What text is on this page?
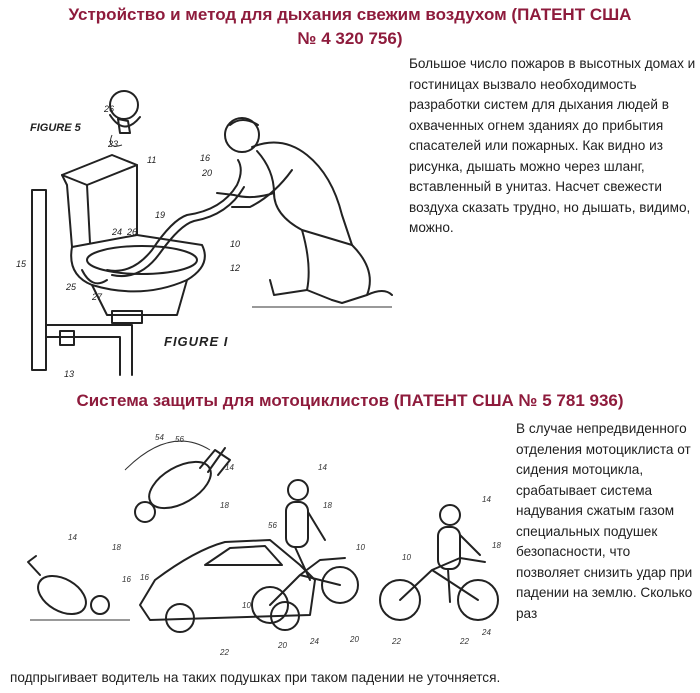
Устройство и метод для дыхания свежим воздухом (ПАТЕНТ США
№ 4 320 756)

Большое число пожаров в высотных домах и гостиницах вызвало необходимость разработки систем для дыхания людей в охваченных огнем зданиях до прибытия спасателей или пожарных. Как видно из рисунка, дышать можно через шланг, вставленный в унитаз. Насчет свежести воздуха сказать трудно, но дышать, видимо, можно.

FIGURE 5
FIGURE I
26
23
11	16
20
19
10
12
24 26
25
27
15
13
Система защиты для мотоциклистов (ПАТЕНТ США № 5 781 936)

В случае непредвиденного отделения мотоциклиста от сидения мотоцикла, срабатывает система надувания сжатым газом специальных подушек безопасности, что позволяет снизить удар при падении на землю. Сколько раз

54 56
14
18
18
14
16 16
14
18
14
18
56
10
10
10
22
20	24	20	22	22
24

подпрыгивает водитель на таких подушках при таком падении не уточняется.
